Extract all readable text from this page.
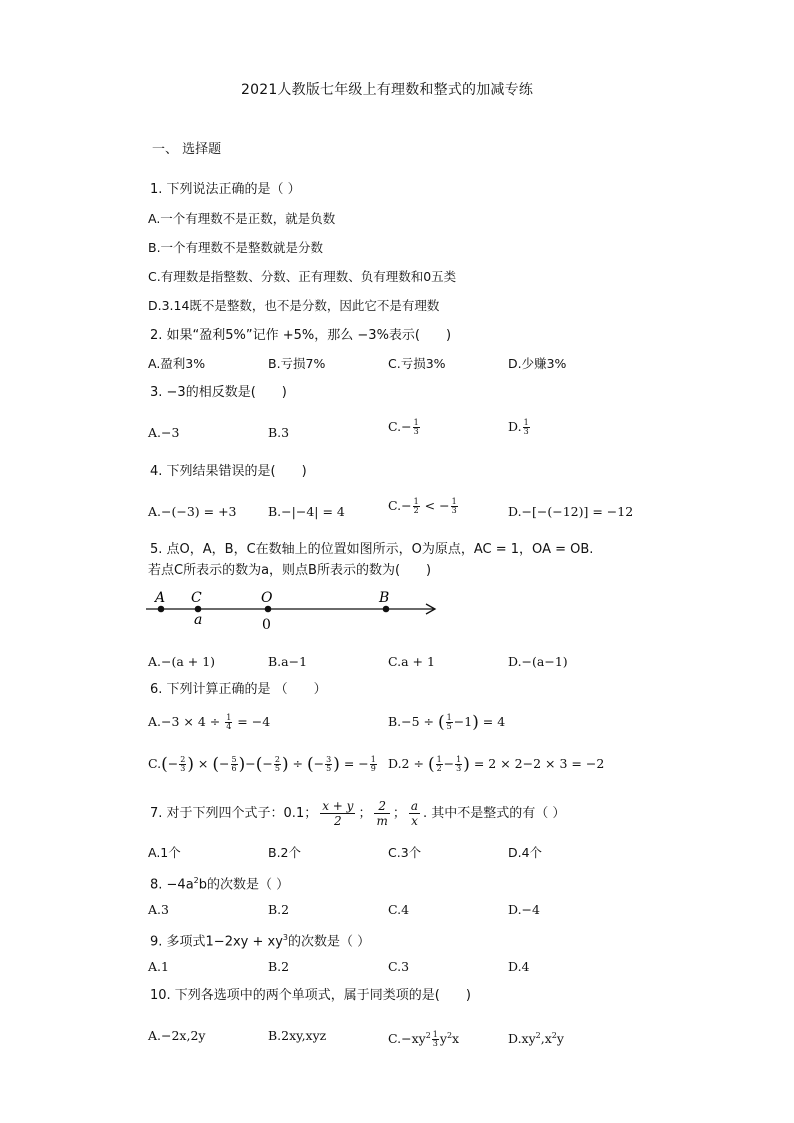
2021人教版七年级上有理数和整式的加减专练
一、 选择题
1. 下列说法正确的是（ ）
A.一个有理数不是正数，就是负数
B.一个有理数不是整数就是分数
C.有理数是指整数、分数、正有理数、负有理数和0五类
D.3.14既不是整数，也不是分数，因此它不是有理数
2. 如果“盈利5%”记作 +5%，那么 −3%表示(　　)
A.盈利3%	B.亏损7%	C.亏损3%	D.少赚3%
3. −3的相反数是(　　)
A.−3	B.3	$C.- \frac{1}{3}$	D. $\frac{1}{3}$
4. 下列结果错误的是(　　)
A.−(−3) = +3	B.−|−4| = 4	$C.- \frac{1}{2}$ < − $\frac{1}{3}$	D.−[−(−12)] = −12
5. 点O，A，B，C在数轴上的位置如图所示，O为原点，AC = 1，OA = OB.
若点C所表示的数为a，则点B所表示的数为(　　)
A C	O	B
a	0
A.−(a + 1)	B.a−1	C.a + 1	D.−(a−1)
6. 下列计算正确的是 （　　）
$A.-3 \times 4 \div \frac{1}{4} = -4$	B.−5 ÷ ( $\frac{1}{5} -1) = 4$
$C.(- \frac{2}{3}$ ) × (− $\frac{5}{6}$ )−(− $\frac{2}{5}$ ) ÷ (− $\frac{3}{5}$ ) = − $\frac{1}{9} D.2$ ÷ ( $\frac{1}{2} - \frac{1}{3}$ ) = 2 × 2−2 × 3 = −2
7. 对于下列四个式子：0.1； $\frac{x + y}{2}$ ； $\frac{2}{m}$ ； $\frac{a}{x}$ . 其中不是整式的有（ ）
A.1个	B.2个	C.3个	D.4个
8. $-4a^2b$的次数是（ ）
A.3	B.2	C.4	D.−4
9. 多项式$1-2xy + xy^3$的次数是（ ）
A.1	B.2	C.3	D.4
10. 下列各选项中的两个单项式，属于同类项的是(　　)
A.−2x,2y	B.2xy,xyz	$C.-xy^2 \frac{1}{3} y^2x$	$D.xy^2,x^2y$
